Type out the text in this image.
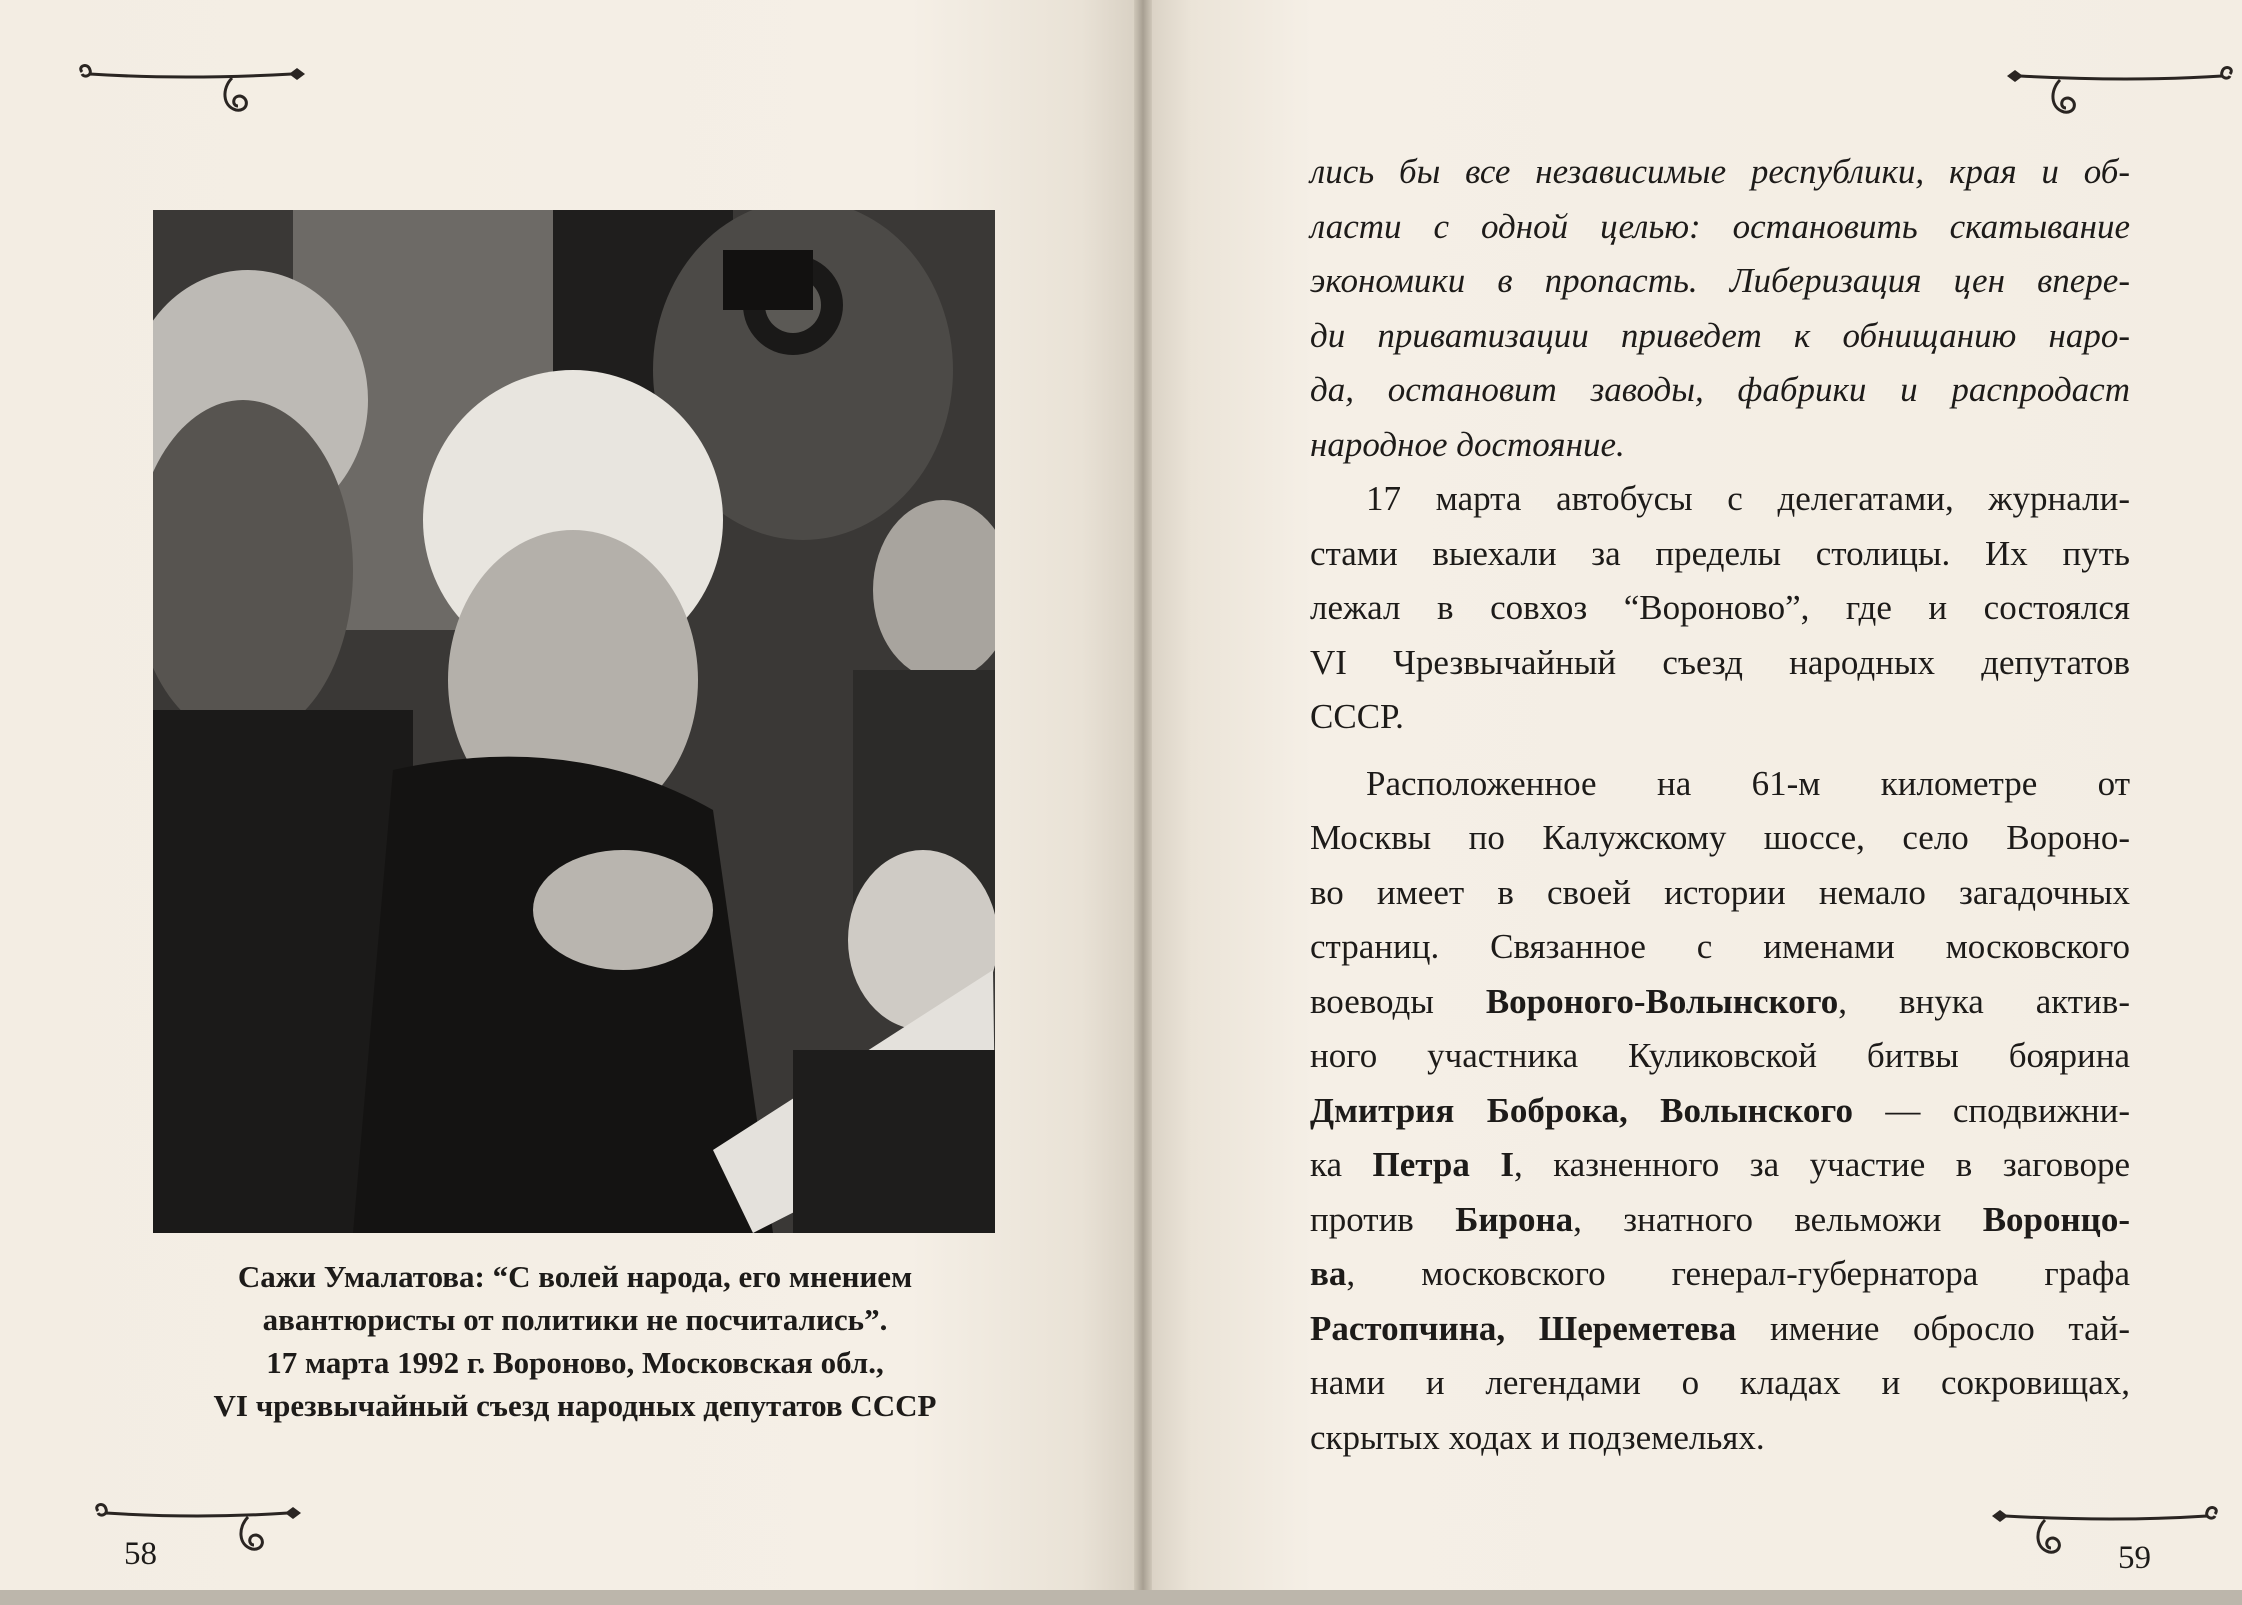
Сажи Умалатова: “С волей народа, его мнением
авантюристы от политики не посчитались”.
17 марта 1992 г. Вороново, Московская обл.,
VI чрезвычайный съезд народных депутатов СССР
58	59
лись бы все независимые республики, края и об-
ласти с одной целью: остановить скатывание
экономики в пропасть. Либеризация цен впере-
ди приватизации приведет к обнищанию наро-
да, остановит заводы, фабрики и распродаст
народное достояние.
17 марта автобусы с делегатами, журнали-
стами выехали за пределы столицы. Их путь
лежал в совхоз “Вороново”, где и состоялся
VI Чрезвычайный съезд народных депутатов
СССР.
Расположенное на 61-м километре от
Москвы по Калужскому шоссе, село Вороно-
во имеет в своей истории немало загадочных
страниц. Связанное с именами московского
воеводы Вороного-Волынского, внука актив-
ного участника Куликовской битвы боярина
Дмитрия Боброка, Волынского — сподвижни-
ка Петра I, казненного за участие в заговоре
против Бирона, знатного вельможи Воронцо-
ва, московского генерал-губернатора графа
Растопчина, Шереметева имение обросло тай-
нами и легендами о кладах и сокровищах,
скрытых ходах и подземельях.
